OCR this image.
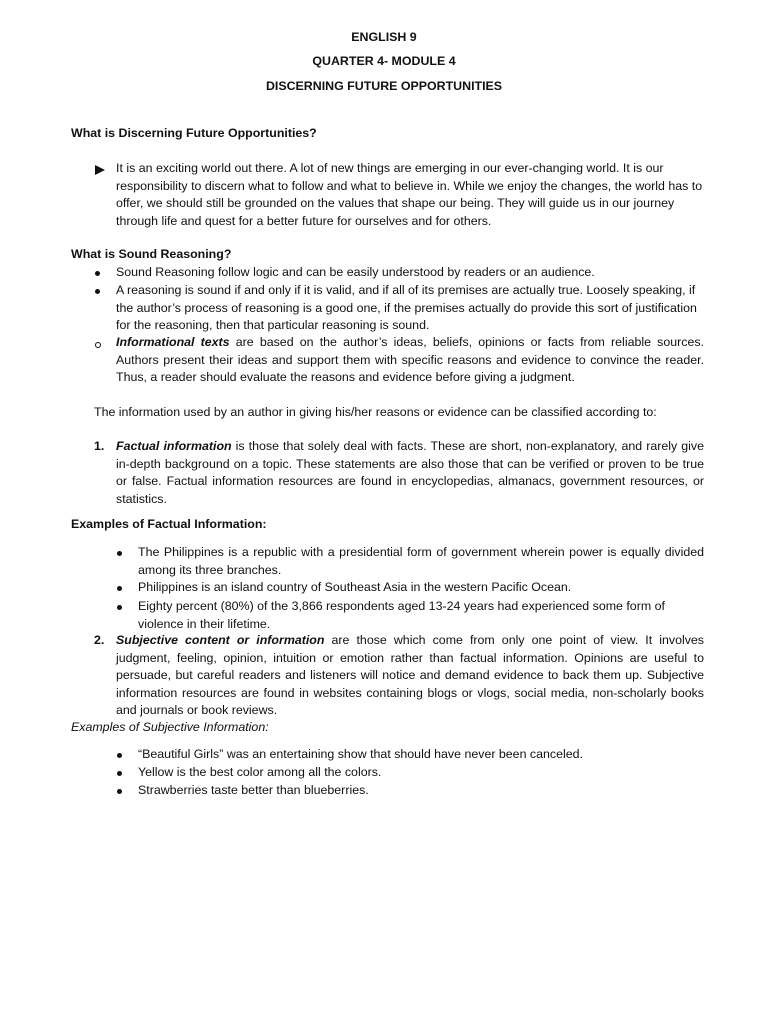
ENGLISH 9
QUARTER 4- MODULE 4
DISCERNING FUTURE OPPORTUNITIES
What is Discerning Future Opportunities?
It is an exciting world out there. A lot of new things are emerging in our ever-changing world. It is our responsibility to discern what to follow and what to believe in. While we enjoy the changes, the world has to offer, we should still be grounded on the values that shape our being. They will guide us in our journey through life and quest for a better future for ourselves and for others.
What is Sound Reasoning?
Sound Reasoning follow logic and can be easily understood by readers or an audience.
A reasoning is sound if and only if it is valid, and if all of its premises are actually true. Loosely speaking, if the author’s process of reasoning is a good one, if the premises actually do provide this sort of justification for the reasoning, then that particular reasoning is sound.
Informational texts are based on the author’s ideas, beliefs, opinions or facts from reliable sources. Authors present their ideas and support them with specific reasons and evidence to convince the reader. Thus, a reader should evaluate the reasons and evidence before giving a judgment.
The information used by an author in giving his/her reasons or evidence can be classified according to:
1. Factual information is those that solely deal with facts. These are short, non-explanatory, and rarely give in-depth background on a topic. These statements are also those that can be verified or proven to be true or false. Factual information resources are found in encyclopedias, almanacs, government resources, or statistics.
Examples of Factual Information:
The Philippines is a republic with a presidential form of government wherein power is equally divided among its three branches.
Philippines is an island country of Southeast Asia in the western Pacific Ocean.
Eighty percent (80%) of the 3,866 respondents aged 13-24 years had experienced some form of violence in their lifetime.
2. Subjective content or information are those which come from only one point of view. It involves judgment, feeling, opinion, intuition or emotion rather than factual information. Opinions are useful to persuade, but careful readers and listeners will notice and demand evidence to back them up. Subjective information resources are found in websites containing blogs or vlogs, social media, non-scholarly books and journals or book reviews.
Examples of Subjective Information:
“Beautiful Girls” was an entertaining show that should have never been canceled.
Yellow is the best color among all the colors.
Strawberries taste better than blueberries.
